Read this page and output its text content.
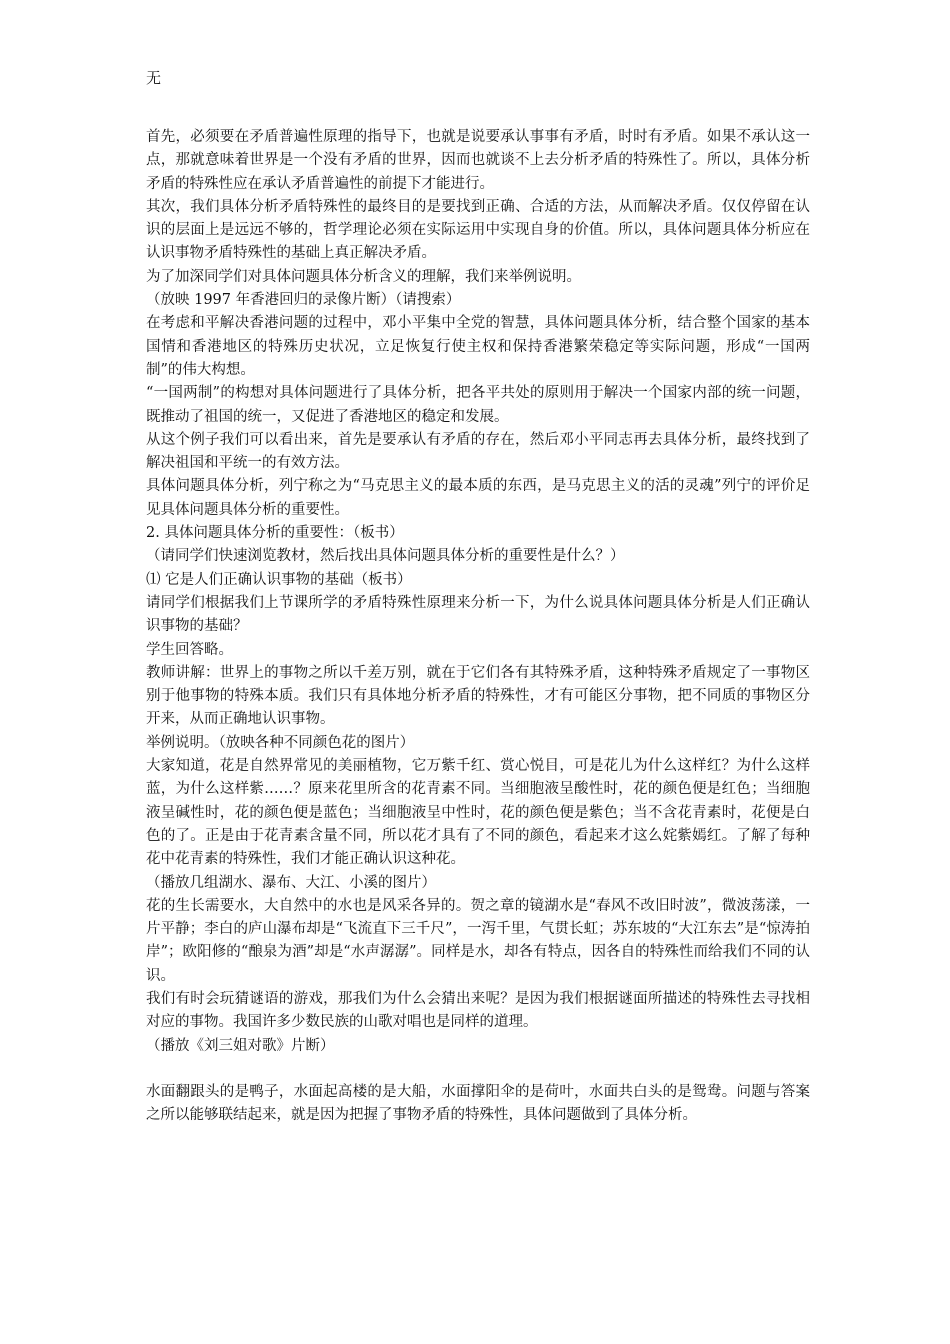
无

首先，必须要在矛盾普遍性原理的指导下，也就是说要承认事事有矛盾，时时有矛盾。如果不承认这一点，那就意味着世界是一个没有矛盾的世界，因而也就谈不上去分析矛盾的特殊性了。所以，具体分析矛盾的特殊性应在承认矛盾普遍性的前提下才能进行。

其次，我们具体分析矛盾特殊性的最终目的是要找到正确、合适的方法，从而解决矛盾。仅仅停留在认识的层面上是远远不够的，哲学理论必须在实际运用中实现自身的价值。所以，具体问题具体分析应在认识事物矛盾特殊性的基础上真正解决矛盾。

为了加深同学们对具体问题具体分析含义的理解，我们来举例说明。

（放映 1997 年香港回归的录像片断）（请搜索）

在考虑和平解决香港问题的过程中，邓小平集中全党的智慧，具体问题具体分析，结合整个国家的基本国情和香港地区的特殊历史状况，立足恢复行使主权和保持香港繁荣稳定等实际问题，形成“一国两制”的伟大构想。

“一国两制”的构想对具体问题进行了具体分析，把各平共处的原则用于解决一个国家内部的统一问题，既推动了祖国的统一，又促进了香港地区的稳定和发展。

从这个例子我们可以看出来，首先是要承认有矛盾的存在，然后邓小平同志再去具体分析，最终找到了解决祖国和平统一的有效方法。

具体问题具体分析，列宁称之为“马克思主义的最本质的东西，是马克思主义的活的灵魂”列宁的评价足见具体问题具体分析的重要性。

2. 具体问题具体分析的重要性：（板书）

（请同学们快速浏览教材，然后找出具体问题具体分析的重要性是什么？）

⑴ 它是人们正确认识事物的基础（板书）

请同学们根据我们上节课所学的矛盾特殊性原理来分析一下，为什么说具体问题具体分析是人们正确认识事物的基础？

学生回答略。

教师讲解：世界上的事物之所以千差万别，就在于它们各有其特殊矛盾，这种特殊矛盾规定了一事物区别于他事物的特殊本质。我们只有具体地分析矛盾的特殊性，才有可能区分事物，把不同质的事物区分开来，从而正确地认识事物。

举例说明。（放映各种不同颜色花的图片）

大家知道，花是自然界常见的美丽植物，它万紫千红、赏心悦目，可是花儿为什么这样红？为什么这样蓝，为什么这样紫……？原来花里所含的花青素不同。当细胞液呈酸性时，花的颜色便是红色；当细胞液呈碱性时，花的颜色便是蓝色；当细胞液呈中性时，花的颜色便是紫色；当不含花青素时，花便是白色的了。正是由于花青素含量不同，所以花才具有了不同的颜色，看起来才这么姹紫嫣红。了解了每种花中花青素的特殊性，我们才能正确认识这种花。

（播放几组湖水、瀑布、大江、小溪的图片）

花的生长需要水，大自然中的水也是风采各异的。贺之章的镜湖水是“春风不改旧时波”，微波荡漾，一片平静；李白的庐山瀑布却是“飞流直下三千尺”，一泻千里，气贯长虹；苏东坡的“大江东去”是“惊涛拍岸”；欧阳修的“酿泉为酒”却是“水声潺潺”。同样是水，却各有特点，因各自的特殊性而给我们不同的认识。

我们有时会玩猜谜语的游戏，那我们为什么会猜出来呢？是因为我们根据谜面所描述的特殊性去寻找相对应的事物。我国许多少数民族的山歌对唱也是同样的道理。

（播放《刘三姐对歌》片断）

水面翻跟头的是鸭子，水面起高楼的是大船，水面撑阳伞的是荷叶，水面共白头的是鸳鸯。问题与答案之所以能够联结起来，就是因为把握了事物矛盾的特殊性，具体问题做到了具体分析。
